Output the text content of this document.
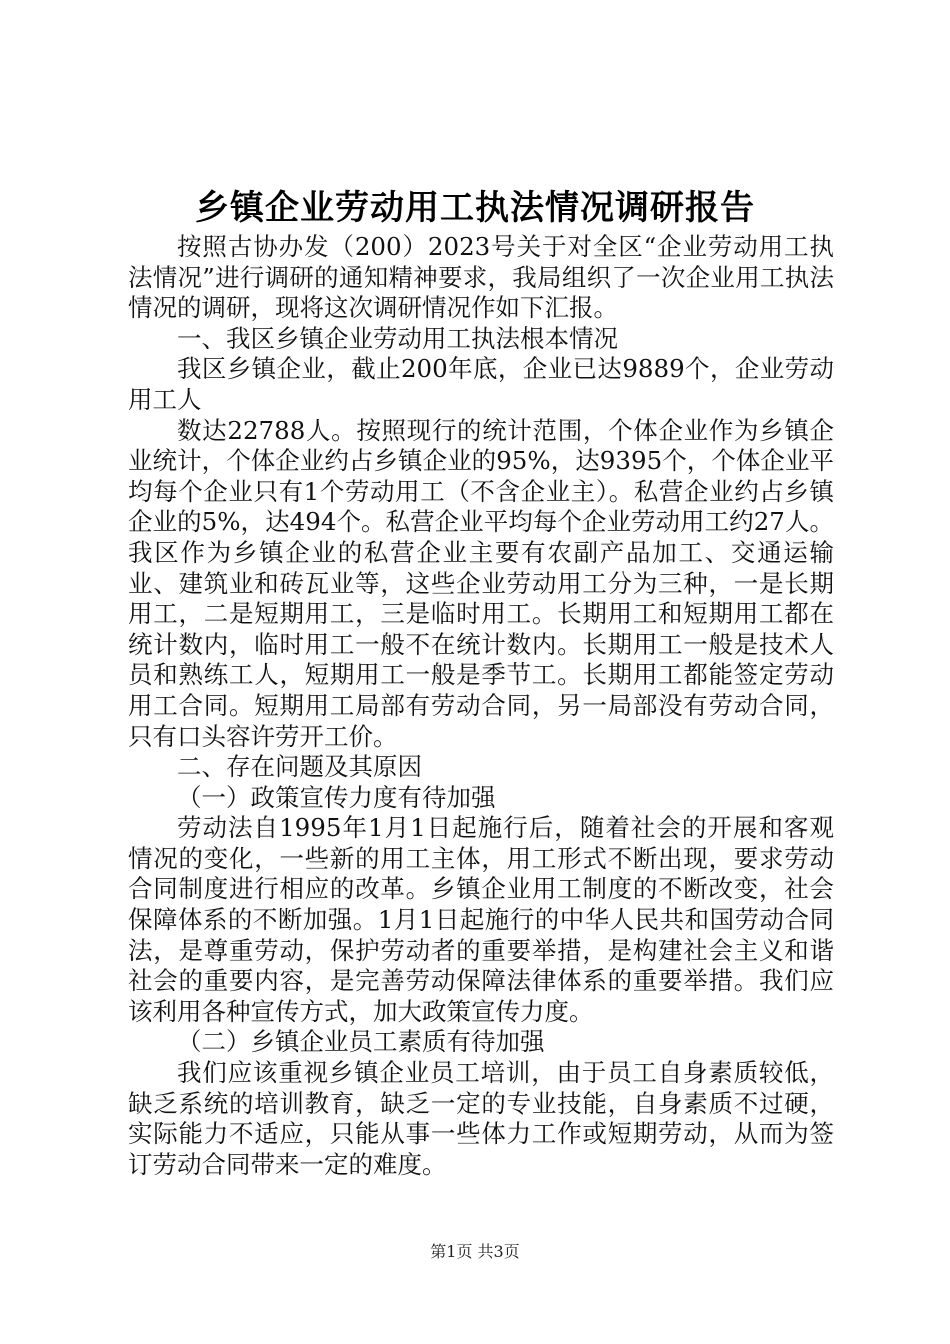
乡镇企业劳动用工执法情况调研报告

按照古协办发（200）2023号关于对全区“企业劳动用工执法情况”进行调研的通知精神要求，我局组织了一次企业用工执法情况的调研，现将这次调研情况作如下汇报。

一、我区乡镇企业劳动用工执法根本情况

我区乡镇企业，截止200年底，企业已达9889个，企业劳动用工人

数达22788人。按照现行的统计范围，个体企业作为乡镇企业统计，个体企业约占乡镇企业的95%，达9395个，个体企业平均每个企业只有1个劳动用工（不含企业主）。私营企业约占乡镇企业的5%，达494个。私营企业平均每个企业劳动用工约27人。我区作为乡镇企业的私营企业主要有农副产品加工、交通运输业、建筑业和砖瓦业等，这些企业劳动用工分为三种，一是长期用工，二是短期用工，三是临时用工。长期用工和短期用工都在统计数内，临时用工一般不在统计数内。长期用工一般是技术人员和熟练工人，短期用工一般是季节工。长期用工都能签定劳动用工合同。短期用工局部有劳动合同，另一局部没有劳动合同，只有口头容许劳开工价。

二、存在问题及其原因

（一）政策宣传力度有待加强

劳动法自1995年1月1日起施行后，随着社会的开展和客观情况的变化，一些新的用工主体，用工形式不断出现，要求劳动合同制度进行相应的改革。乡镇企业用工制度的不断改变，社会保障体系的不断加强。1月1日起施行的中华人民共和国劳动合同法，是尊重劳动，保护劳动者的重要举措，是构建社会主义和谐社会的重要内容，是完善劳动保障法律体系的重要举措。我们应该利用各种宣传方式，加大政策宣传力度。

（二）乡镇企业员工素质有待加强

我们应该重视乡镇企业员工培训，由于员工自身素质较低，缺乏系统的培训教育，缺乏一定的专业技能，自身素质不过硬，实际能力不适应，只能从事一些体力工作或短期劳动，从而为签订劳动合同带来一定的难度。

第1页 共3页
